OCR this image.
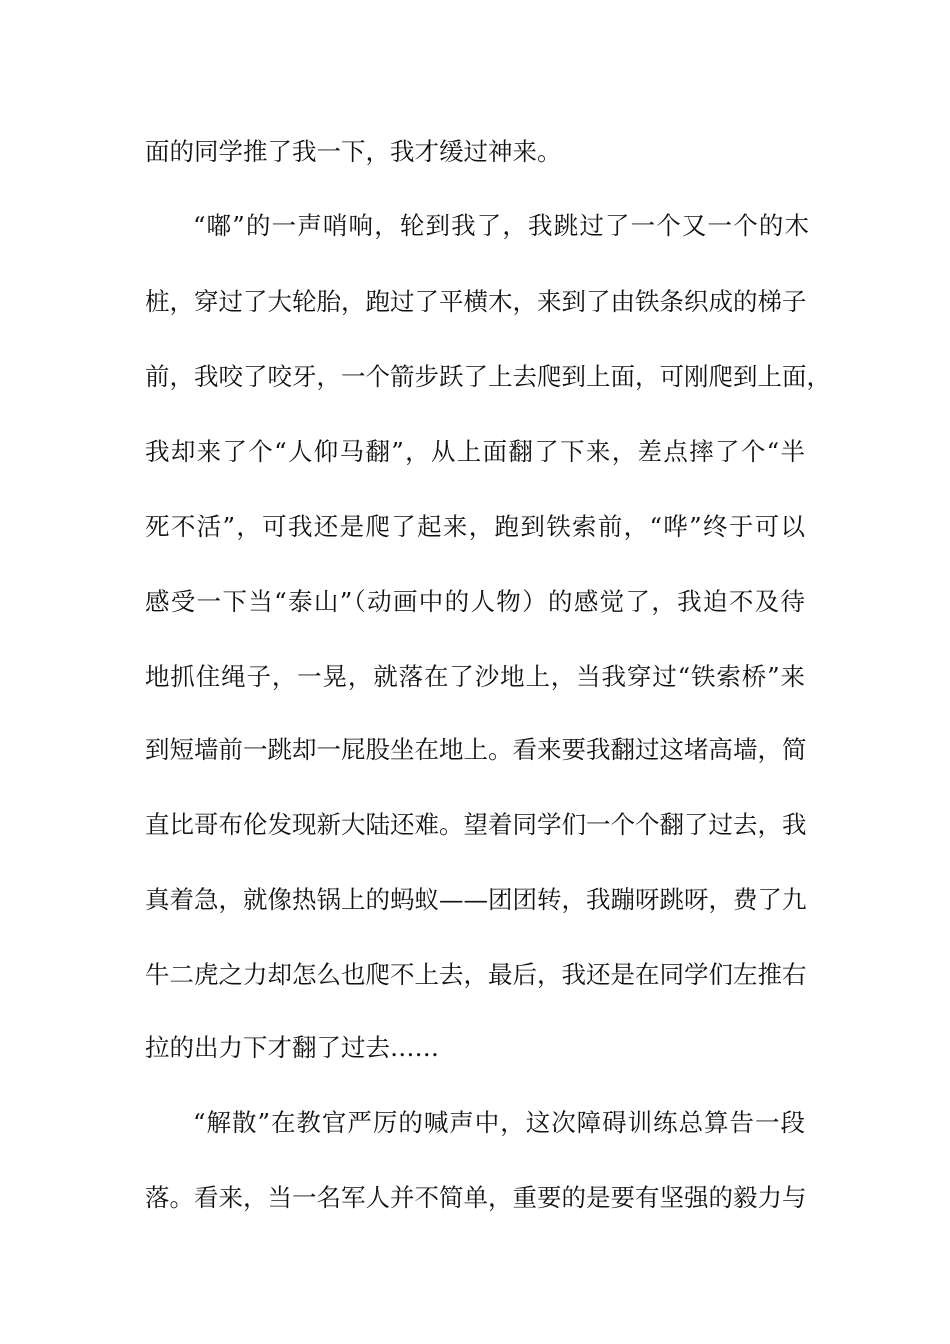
面的同学推了我一下，我才缓过神来。
“嘟”的一声哨响，轮到我了，我跳过了一个又一个的木
桩，穿过了大轮胎，跑过了平横木，来到了由铁条织成的梯子
前，我咬了咬牙，一个箭步跃了上去爬到上面，可刚爬到上面，
我却来了个“人仰马翻”，从上面翻了下来，差点摔了个“半
死不活”，可我还是爬了起来，跑到铁索前，“哗”终于可以
感受一下当“泰山”（动画中的人物）的感觉了，我迫不及待
地抓住绳子，一晃，就落在了沙地上，当我穿过“铁索桥”来
到短墙前一跳却一屁股坐在地上。看来要我翻过这堵高墙，简
直比哥布伦发现新大陆还难。望着同学们一个个翻了过去，我
真着急，就像热锅上的蚂蚁——团团转，我蹦呀跳呀，费了九
牛二虎之力却怎么也爬不上去，最后，我还是在同学们左推右
拉的出力下才翻了过去……
“解散”在教官严厉的喊声中，这次障碍训练总算告一段
落。看来，当一名军人并不简单，重要的是要有坚强的毅力与
